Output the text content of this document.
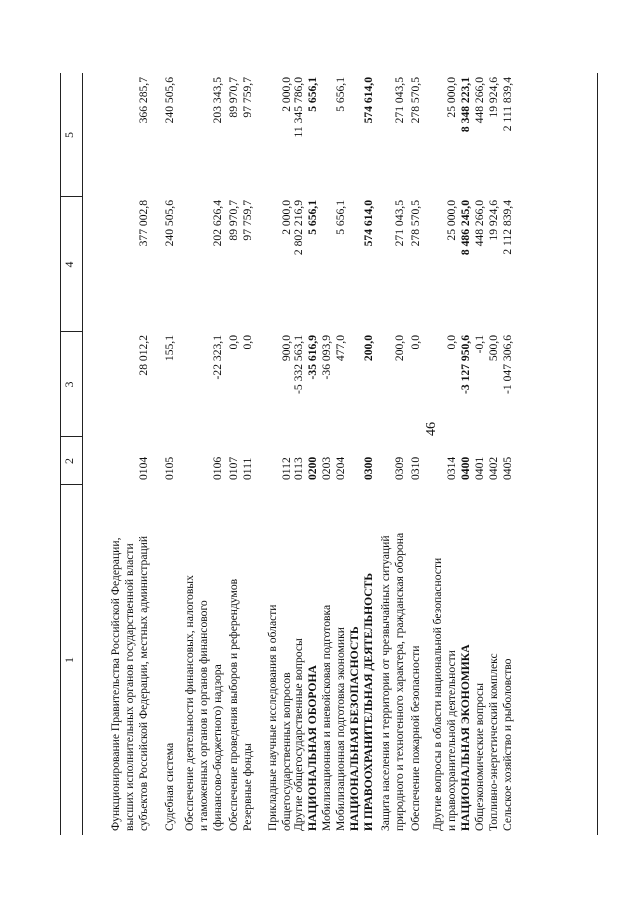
46
1
2
3
4
5
Функционирование Правительства Российской Федерации, высших исполнительных органов государственной власти субъектов Российской Федерации, местных администраций
0104
28 012,2
377 002,8
366 285,7
Судебная система
0105
155,1
240 505,6
240 505,6
Обеспечение деятельности финансовых, налоговых и таможенных органов и органов финансового (финансово-бюджетного) надзора
0106
-22 323,1
202 626,4
203 343,5
Обеспечение проведения выборов и референдумов
0107
0,0
89 970,7
89 970,7
Резервные фонды
0111
0,0
97 759,7
97 759,7
Прикладные научные исследования в области общегосударственных вопросов
0112
900,0
2 000,0
2 000,0
Другие общегосударственные вопросы
0113
-5 332 563,1
2 802 216,9
11 345 786,0
НАЦИОНАЛЬНАЯ ОБОРОНА
0200
-35 616,9
5 656,1
5 656,1
Мобилизационная и вневойсковая подготовка
0203
-36 093,9
Мобилизационная подготовка экономики
0204
477,0
5 656,1
5 656,1
НАЦИОНАЛЬНАЯ БЕЗОПАСНОСТЬ И ПРАВООХРАНИТЕЛЬНАЯ ДЕЯТЕЛЬНОСТЬ
0300
200,0
574 614,0
574 614,0
Защита населения и территории от чрезвычайных ситуаций природного и техногенного характера, гражданская оборона
0309
200,0
271 043,5
271 043,5
Обеспечение пожарной безопасности
0310
0,0
278 570,5
278 570,5
Другие вопросы в области национальной безопасности и правоохранительной деятельности
0314
0,0
25 000,0
25 000,0
НАЦИОНАЛЬНАЯ ЭКОНОМИКА
0400
-3 127 950,6
8 486 245,0
8 348 223,1
Общеэкономические вопросы
0401
-0,1
448 266,0
448 266,0
Топливно-энергетический комплекс
0402
500,0
19 924,6
19 924,6
Сельское хозяйство и рыболовство
0405
-1 047 306,6
2 112 839,4
2 111 839,4
